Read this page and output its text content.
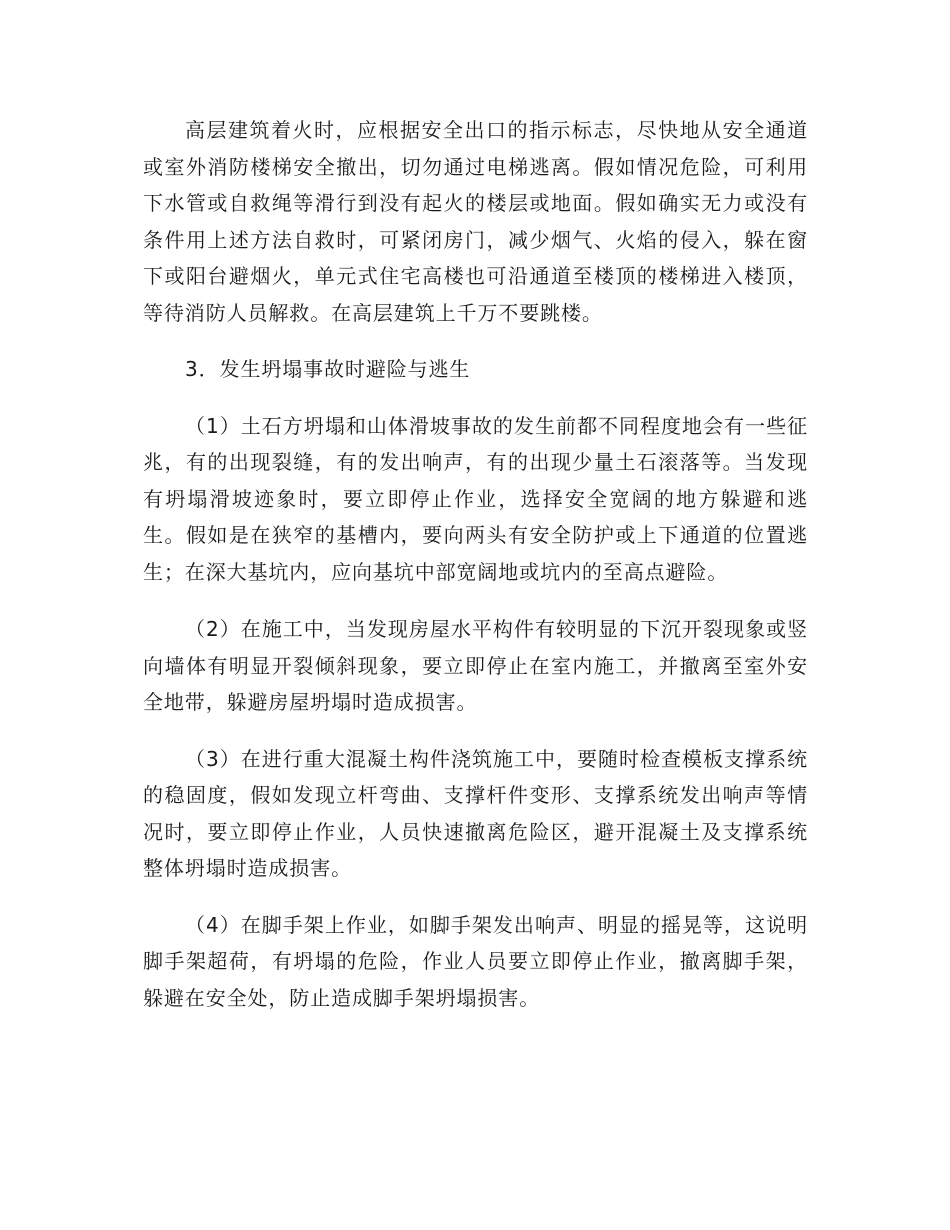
高层建筑着火时，应根据安全出口的指示标志，尽快地从安全通道或室外消防楼梯安全撤出，切勿通过电梯逃离。假如情况危险，可利用下水管或自救绳等滑行到没有起火的楼层或地面。假如确实无力或没有条件用上述方法自救时，可紧闭房门，减少烟气、火焰的侵入，躲在窗下或阳台避烟火，单元式住宅高楼也可沿通道至楼顶的楼梯进入楼顶，等待消防人员解救。在高层建筑上千万不要跳楼。

3．发生坍塌事故时避险与逃生

（1）土石方坍塌和山体滑坡事故的发生前都不同程度地会有一些征兆，有的出现裂缝，有的发出响声，有的出现少量土石滚落等。当发现有坍塌滑坡迹象时，要立即停止作业，选择安全宽阔的地方躲避和逃生。假如是在狭窄的基槽内，要向两头有安全防护或上下通道的位置逃生；在深大基坑内，应向基坑中部宽阔地或坑内的至高点避险。

（2）在施工中，当发现房屋水平构件有较明显的下沉开裂现象或竖向墙体有明显开裂倾斜现象，要立即停止在室内施工，并撤离至室外安全地带，躲避房屋坍塌时造成损害。

（3）在进行重大混凝土构件浇筑施工中，要随时检查模板支撑系统的稳固度，假如发现立杆弯曲、支撑杆件变形、支撑系统发出响声等情况时，要立即停止作业，人员快速撤离危险区，避开混凝土及支撑系统整体坍塌时造成损害。

（4）在脚手架上作业，如脚手架发出响声、明显的摇晃等，这说明脚手架超荷，有坍塌的危险，作业人员要立即停止作业，撤离脚手架，躲避在安全处，防止造成脚手架坍塌损害。
